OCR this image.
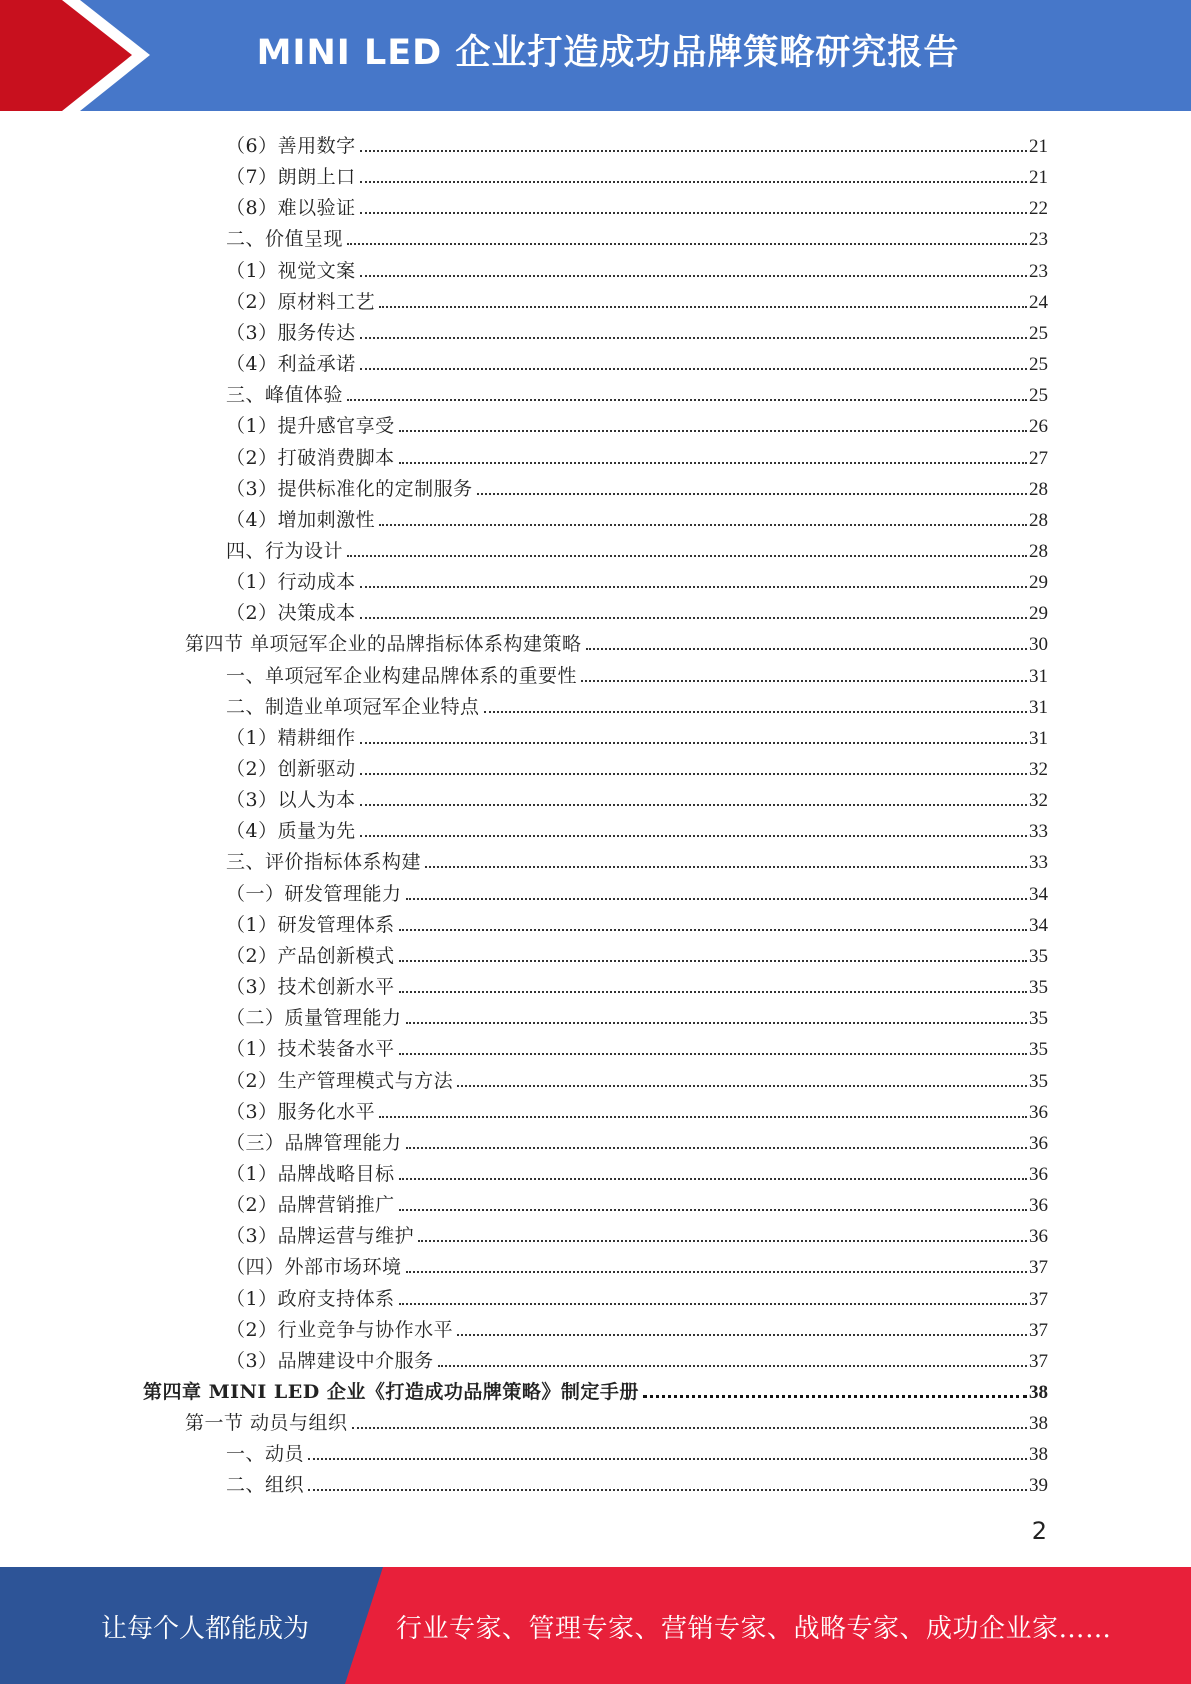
MINI LED 企业打造成功品牌策略研究报告
（6）善用数字	21
（7）朗朗上口	21
（8）难以验证	22
二、价值呈现	23
（1）视觉文案	23
（2）原材料工艺	24
（3）服务传达	25
（4）利益承诺	25
三、峰值体验	25
（1）提升感官享受	26
（2）打破消费脚本	27
（3）提供标准化的定制服务	28
（4）增加刺激性	28
四、行为设计	28
（1）行动成本	29
（2）决策成本	29
第四节 单项冠军企业的品牌指标体系构建策略	30
一、单项冠军企业构建品牌体系的重要性	31
二、制造业单项冠军企业特点	31
（1）精耕细作	31
（2）创新驱动	32
（3）以人为本	32
（4）质量为先	33
三、评价指标体系构建	33
（一）研发管理能力	34
（1）研发管理体系	34
（2）产品创新模式	35
（3）技术创新水平	35
（二）质量管理能力	35
（1）技术装备水平	35
（2）生产管理模式与方法	35
（3）服务化水平	36
（三）品牌管理能力	36
（1）品牌战略目标	36
（2）品牌营销推广	36
（3）品牌运营与维护	36
（四）外部市场环境	37
（1）政府支持体系	37
（2）行业竞争与协作水平	37
（3）品牌建设中介服务	37
第四章 MINI LED 企业《打造成功品牌策略》制定手册	38
第一节 动员与组织	38
一、动员	38
二、组织	39
2
让每个人都能成为	行业专家、管理专家、营销专家、战略专家、成功企业家……
